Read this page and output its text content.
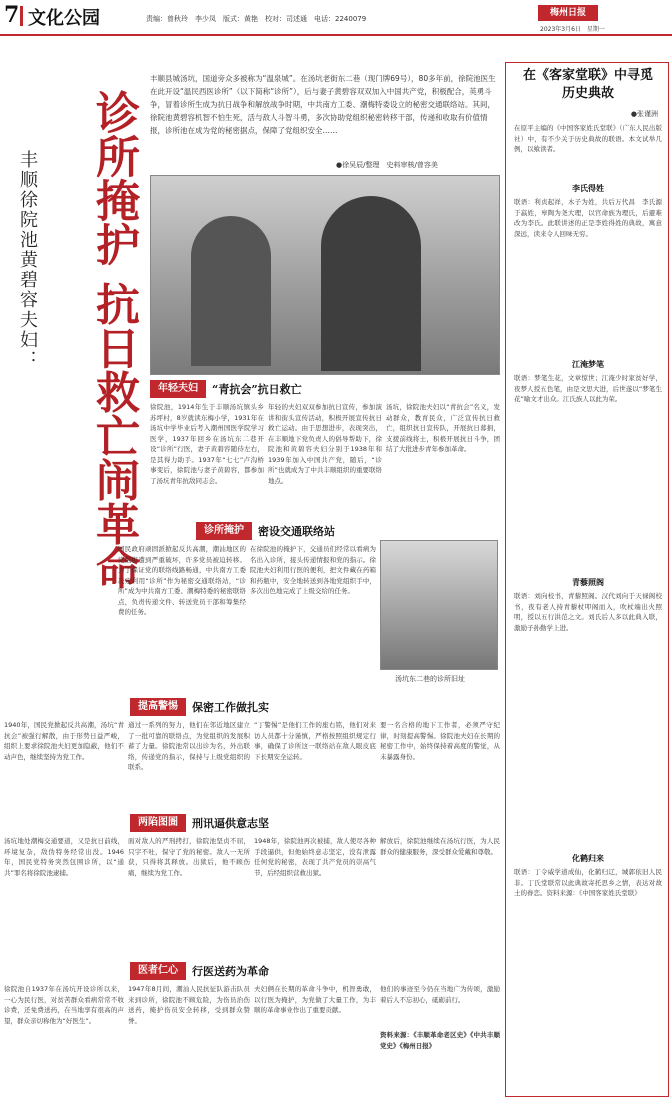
7 文化公园	责编：曾秋玲　李少凤　版式：黄艳　校对：司述通　电话：2240079
梅州日报
2023年3月6日　星期一
诊所掩护 抗日救亡闹革命
丰顺徐院池黄碧容夫妇：
丰顺县城汤坑，国道旁众多被称为“温泉城”。在汤坑老街东二巷（现门牌69号），80多年前，徐院池医生在此开设“温民西医诊所”（以下简称“诊所”），后与妻子黄碧容双双加入中国共产党，积极配合，英勇斗争，冒着诊所生成为抗日战争和解放战争时期，中共南方工委、潮梅特委设立的秘密交通联络站。其间，徐院池黄碧容机智不怕生死，活与敌人斗智斗勇，多次协助党组织秘密转移干部，传递和收取有价值情报，诊所池在成为党的秘密据点，保障了党组织安全……
●徐吴辰/整理　史料审核/曾容美
年轻夫妇	“青抗会”抗日救亡
徐院池，1914年生于丰顺汤坑镇头乡苏坪村，8岁就读东梅小学，1931年在汤坑中学毕业后考入潮州国医学院学习医学，1937年回乡在汤坑东二巷开设“诊所”行医，妻子黄碧容随侍左右，是其得力助手。1937年“七七”卢沟桥事变后，徐院池与妻子黄碧容，都参加了汤坑青年抗敌同志会。
年轻的夫妇双双参加抗日宣传，参加演讲和街头宣传活动，积极开展宣传抗日救亡运动。由于思想进步，表现突出，在丰顺地下党负责人的倡导帮助下，徐院池和黄碧容夫妇分别于1938年和1939年加入中国共产党，随后，“诊所”也就成为了中共丰顺组织的重要联络地点。
汤坑，徐院池夫妇以“青抗会”名义，发动群众，教育民众，广泛宣传抗日救亡，组织抗日宣传队，开展抗日募捐，支援前线将士，积极开展抗日斗争，团结了大批进步青年参加革命。
诊所掩护	密设交通联络站
国民政府顽固派掀起反共高潮，潮汕地区的党组织遭到严重破坏，许多党员被迫转移。为了保证党的联络线路畅通，中共南方工委决定利用“诊所”作为秘密交通联络站，“诊所”成为中共南方工委、潮梅特委的秘密联络点，负责传递文件、转送党员干部和筹集经费的任务。
在徐院池的掩护下，交通员们经常以看病为名出入诊所，接头传递情报和党的指示。徐院池夫妇利用行医的便利，把文件藏在药箱和药瓶中，安全地转送到各地党组织手中，多次出色地完成了上级交给的任务。
汤坑东二巷的诊所旧址
提高警惕	保密工作做扎实
1940年，国民党掀起反共高潮，汤坑“青抗会”被强行解散，由于形势日益严峻，组织上要求徐院池夫妇更加隐蔽，他们不动声色，继续坚持为党工作。
通过一系列的努力，他们在邻近地区建立了一批可靠的联络点，为党组织的发展积蓄了力量。徐院池常以出诊为名，外出联络，传递党的指示，保持与上级党组织的联系。
“丁警惕”是他们工作的座右铭，他们对来访人员都十分谨慎，严格按照组织规定行事，确保了诊所这一联络站在敌人眼皮底下长期安全运转。
要一名合格的地下工作者，必须严守纪律，时刻提高警惕。徐院池夫妇在长期的秘密工作中，始终保持着高度的警觉，从未暴露身份。
两陷图圄	刑讯逼供意志坚
汤坑地处潮梅交通要道，又是抗日前线，环境复杂，敌伪特务经常出没。1946年，国民党特务突然包围诊所，以“通共”罪名将徐院池逮捕。
面对敌人的严刑拷打，徐院池坚贞不屈，只字不吐，保守了党的秘密。敌人一无所获，只得将其释放。出狱后，他不顾伤痛，继续为党工作。
1948年，徐院池再次被捕，敌人使尽各种手段逼供，但他始终意志坚定，没有泄露任何党的秘密，表现了共产党员的崇高气节，后经组织营救出狱。
解放后，徐院池继续在汤坑行医，为人民群众的健康服务，深受群众爱戴和尊敬。
医者仁心	行医送药为革命
徐院池自1937年在汤坑开设诊所以来，一心为民行医，对贫苦群众看病常常不收诊费，还免费送药，在当地享有很高的声望，群众亲切称他为“好医生”。
1947年8月间，潮汕人民抗征队游击队员来到诊所，徐院池不顾危险，为伤员治伤送药，掩护伤员安全转移，受到群众赞誉。
夫妇俩在长期的革命斗争中，机智勇敢，以行医为掩护，为党做了大量工作，为丰顺的革命事业作出了重要贡献。
他们的事迹至今仍在当地广为传颂，激励着后人不忘初心，砥砺前行。
资料来源：《丰顺革命老区史》《中共丰顺党史》《梅州日报》
在《客家堂联》中寻觅历史典故
●张谨洲
在原平主编的《中国客家姓氏堂联》（广东人民出版社）中，有不少关于历史典故的联语。本文试举几例，以飨读者。
李氏得姓
联语：利贞起祥，木子为姓，共后万代昌　李氏源于嬴姓，皋陶为尧大理，以官命族为理氏，后避难改为李氏。此联讲述的正是李姓得姓的典故，寓意深远，读来令人回味无穷。
江淹梦笔
联语：梦笔生花，文章惊世；江淹少时家贫好学，夜梦人授五色笔，由是文思大进，后世遂以“梦笔生花”喻文才出众。江氏族人以此为荣。
青藜照阁
联语：刘向校书，青藜照阁。汉代刘向于天禄阁校书，夜有老人持青藜杖叩阁而入，吹杖端出火照明，授以五行洪范之文。刘氏后人多以此典入联，激励子孙勤学上进。
化鹤归来
联语：丁令威学道成仙，化鹤归辽，城郭依旧人民非。丁氏堂联常以此典故寄托思乡之情，表达对故土的眷恋。资料来源：《中国客家姓氏堂联》
